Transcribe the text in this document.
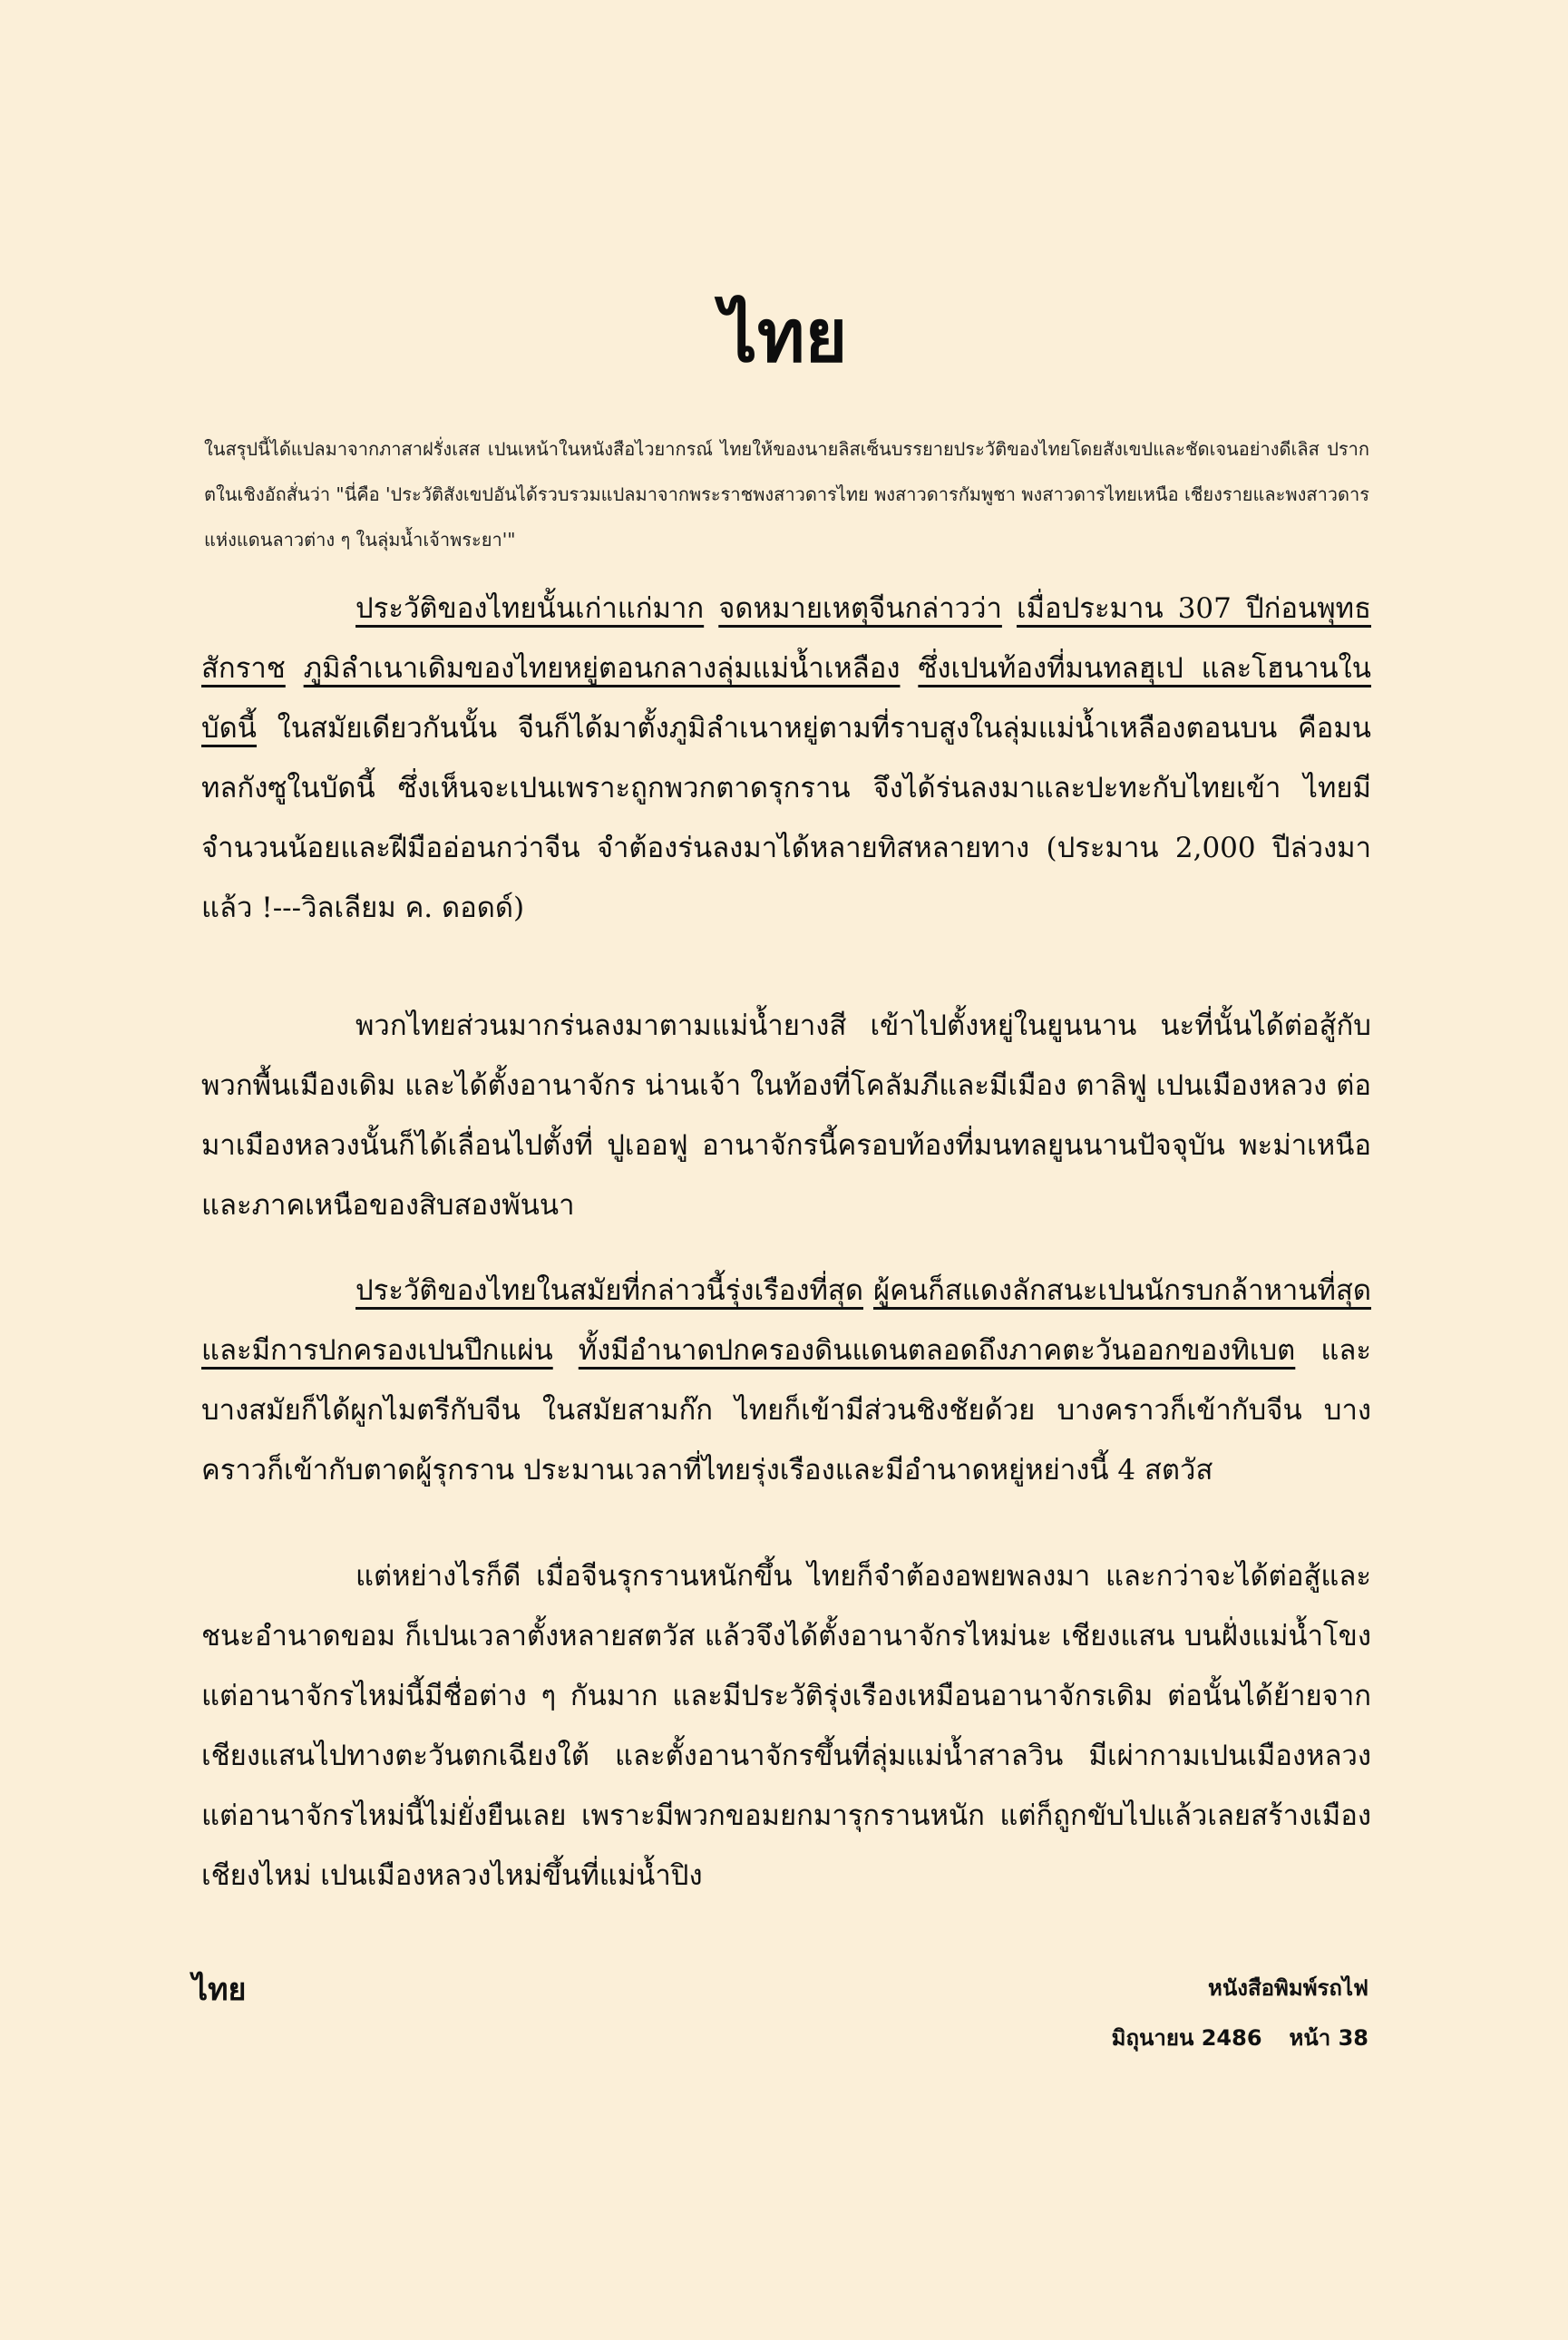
ไทย
ในสรุปนี้ได้แปลมาจากภาสาฝรั่งเสส เปนเหน้าในหนังสือไวยากรณ์ ไทยให้ของนายลิสเซ็นบรรยายประวัติของไทยโดยสังเขปและชัดเจนอย่างดีเลิส ปรากตในเชิงอัถสั่นว่า "นี่คือ 'ประวัติสังเขปอันได้รวบรวมแปลมาจากพระราชพงสาวดารไทย พงสาวดารกัมพูชา พงสาวดารไทยเหนือ เชียงรายและพงสาวดารแห่งแดนลาวต่าง ๆ ในลุ่มน้ำเจ้าพระยา'"
ประวัติของไทยนั้นเก่าแก่มาก จดหมายเหตุจีนกล่าวว่า เมื่อประมาน 307 ปีก่อนพุทธสักราช ภูมิลำเนาเดิมของไทยหยู่ตอนกลางลุ่มแม่น้ำเหลือง ซึ่งเปนท้องที่มนทลฮุเป และโฮนานในบัดนี้ ในสมัยเดียวกันนั้น จีนก็ได้มาตั้งภูมิลำเนาหยู่ตามที่ราบสูงในลุ่มแม่น้ำเหลืองตอนบน คือมนทลกังซูในบัดนี้ ซึ่งเห็นจะเปนเพราะถูกพวกตาดรุกราน จึงได้ร่นลงมาและปะทะกับไทยเข้า ไทยมีจำนวนน้อยและฝีมืออ่อนกว่าจีน จำต้องร่นลงมาได้หลายทิสหลายทาง (ประมาน 2,000 ปีล่วงมาแล้ว !---วิลเลียม ค. ดอดด์)
พวกไทยส่วนมากร่นลงมาตามแม่น้ำยางสี เข้าไปตั้งหยู่ในยูนนาน นะที่นั้นได้ต่อสู้กับพวกพื้นเมืองเดิม และได้ตั้งอานาจักร น่านเจ้า ในท้องที่โคลัมภีและมีเมือง ตาลิฟู เปนเมืองหลวง ต่อมาเมืองหลวงนั้นก็ได้เลื่อนไปตั้งที่ ปูเออฟู อานาจักรนี้ครอบท้องที่มนทลยูนนานปัจจุบัน พะม่าเหนือและภาคเหนือของสิบสองพันนา
ประวัติของไทยในสมัยที่กล่าวนี้รุ่งเรืองที่สุด ผู้คนก็สแดงลักสนะเปนนักรบกล้าหานที่สุด และมีการปกครองเปนปึกแผ่น ทั้งมีอำนาดปกครองดินแดนตลอดถึงภาคตะวันออกของทิเบต และบางสมัยก็ได้ผูกไมตรีกับจีน ในสมัยสามก๊ก ไทยก็เข้ามีส่วนชิงชัยด้วย บางคราวก็เข้ากับจีน บางคราวก็เข้ากับตาดผู้รุกราน ประมานเวลาที่ไทยรุ่งเรืองและมีอำนาดหยู่หย่างนี้ 4 สตวัส
แต่หย่างไรก็ดี เมื่อจีนรุกรานหนักขึ้น ไทยก็จำต้องอพยพลงมา และกว่าจะได้ต่อสู้และชนะอำนาดขอม ก็เปนเวลาตั้งหลายสตวัส แล้วจึงได้ตั้งอานาจักรไหม่นะ เชียงแสน บนฝั่งแม่น้ำโขง แต่อานาจักรไหม่นี้มีชื่อต่าง ๆ กันมาก และมีประวัติรุ่งเรืองเหมือนอานาจักรเดิม ต่อนั้นได้ย้ายจากเชียงแสนไปทางตะวันตกเฉียงใต้ และตั้งอานาจักรขึ้นที่ลุ่มแม่น้ำสาลวิน มีเผ่ากามเปนเมืองหลวง แต่อานาจักรไหม่นี้ไม่ยั่งยืนเลย เพราะมีพวกขอมยกมารุกรานหนัก แต่ก็ถูกขับไปแล้วเลยสร้างเมือง เชียงไหม่ เปนเมืองหลวงไหม่ขึ้นที่แม่น้ำปิง
ไทย	หนังสือพิมพ์รถไฟ
มิถุนายน 2486 หน้า 38
